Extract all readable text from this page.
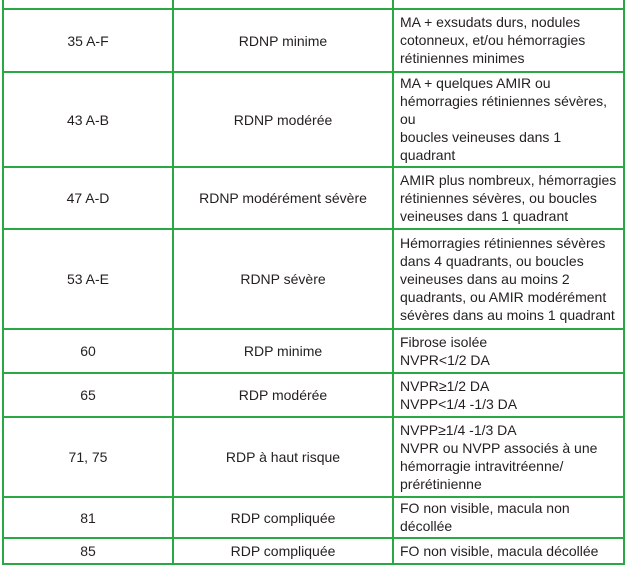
35 A-F	RDNP minime	MA + exsudats durs, nodules
cotonneux, et/ou hémorragies
rétiniennes minimes

43 A-B	RDNP modérée	MA + quelques AMIR ou
hémorragies rétiniennes sévères, ou
boucles veineuses dans 1 quadrant

47 A-D	RDNP modérément sévère	AMIR plus nombreux, hémorragies
rétiniennes sévères, ou boucles
veineuses dans 1 quadrant

53 A-E	RDNP sévère	Hémorragies rétiniennes sévères
dans 4 quadrants, ou boucles
veineuses dans au moins 2
quadrants, ou AMIR modérément
sévères dans au moins 1 quadrant

60	RDP minime	Fibrose isolée
NVPR<1/2 DA

65	RDP modérée	NVPR≥1/2 DA
NVPP<1/4 -1/3 DA

71, 75	RDP à haut risque	NVPP≥1/4 -1/3 DA
NVPR ou NVPP associés à une
hémorragie intravitréenne/
prérétinienne

81	RDP compliquée	FO non visible, macula non décollée

85	RDP compliquée	FO non visible, macula décollée
